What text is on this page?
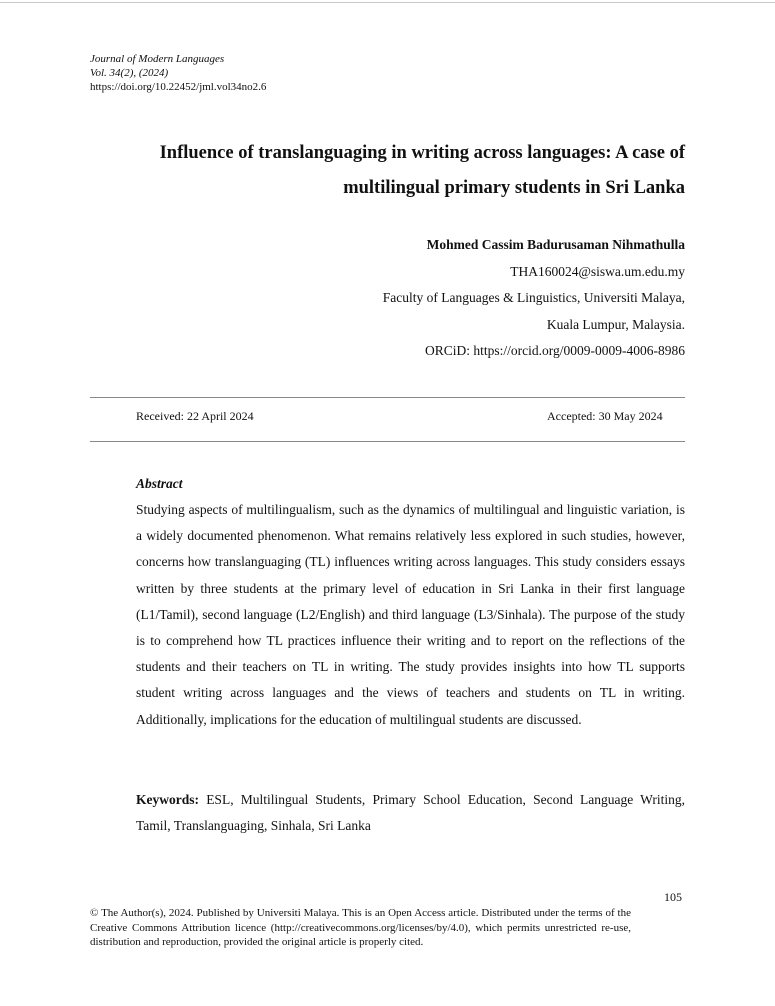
Journal of Modern Languages
Vol. 34(2), (2024)
https://doi.org/10.22452/jml.vol34no2.6
Influence of translanguaging in writing across languages: A case of
multilingual primary students in Sri Lanka
Mohmed Cassim Badurusaman Nihmathulla
THA160024@siswa.um.edu.my
Faculty of Languages & Linguistics, Universiti Malaya,
Kuala Lumpur, Malaysia.
ORCiD: https://orcid.org/0009-0009-4006-8986
Received: 22 April 2024	Accepted: 30 May 2024
Abstract
Studying aspects of multilingualism, such as the dynamics of multilingual and linguistic variation, is a widely documented phenomenon. What remains relatively less explored in such studies, however, concerns how translanguaging (TL) influences writing across languages. This study considers essays written by three students at the primary level of education in Sri Lanka in their first language (L1/Tamil), second language (L2/English) and third language (L3/Sinhala). The purpose of the study is to comprehend how TL practices influence their writing and to report on the reflections of the students and their teachers on TL in writing. The study provides insights into how TL supports student writing across languages and the views of teachers and students on TL in writing. Additionally, implications for the education of multilingual students are discussed.
Keywords: ESL, Multilingual Students, Primary School Education, Second Language Writing, Tamil, Translanguaging, Sinhala, Sri Lanka
105
© The Author(s), 2024. Published by Universiti Malaya. This is an Open Access article. Distributed under the terms of the Creative Commons Attribution licence (http://creativecommons.org/licenses/by/4.0), which permits unrestricted re-use, distribution and reproduction, provided the original article is properly cited.
